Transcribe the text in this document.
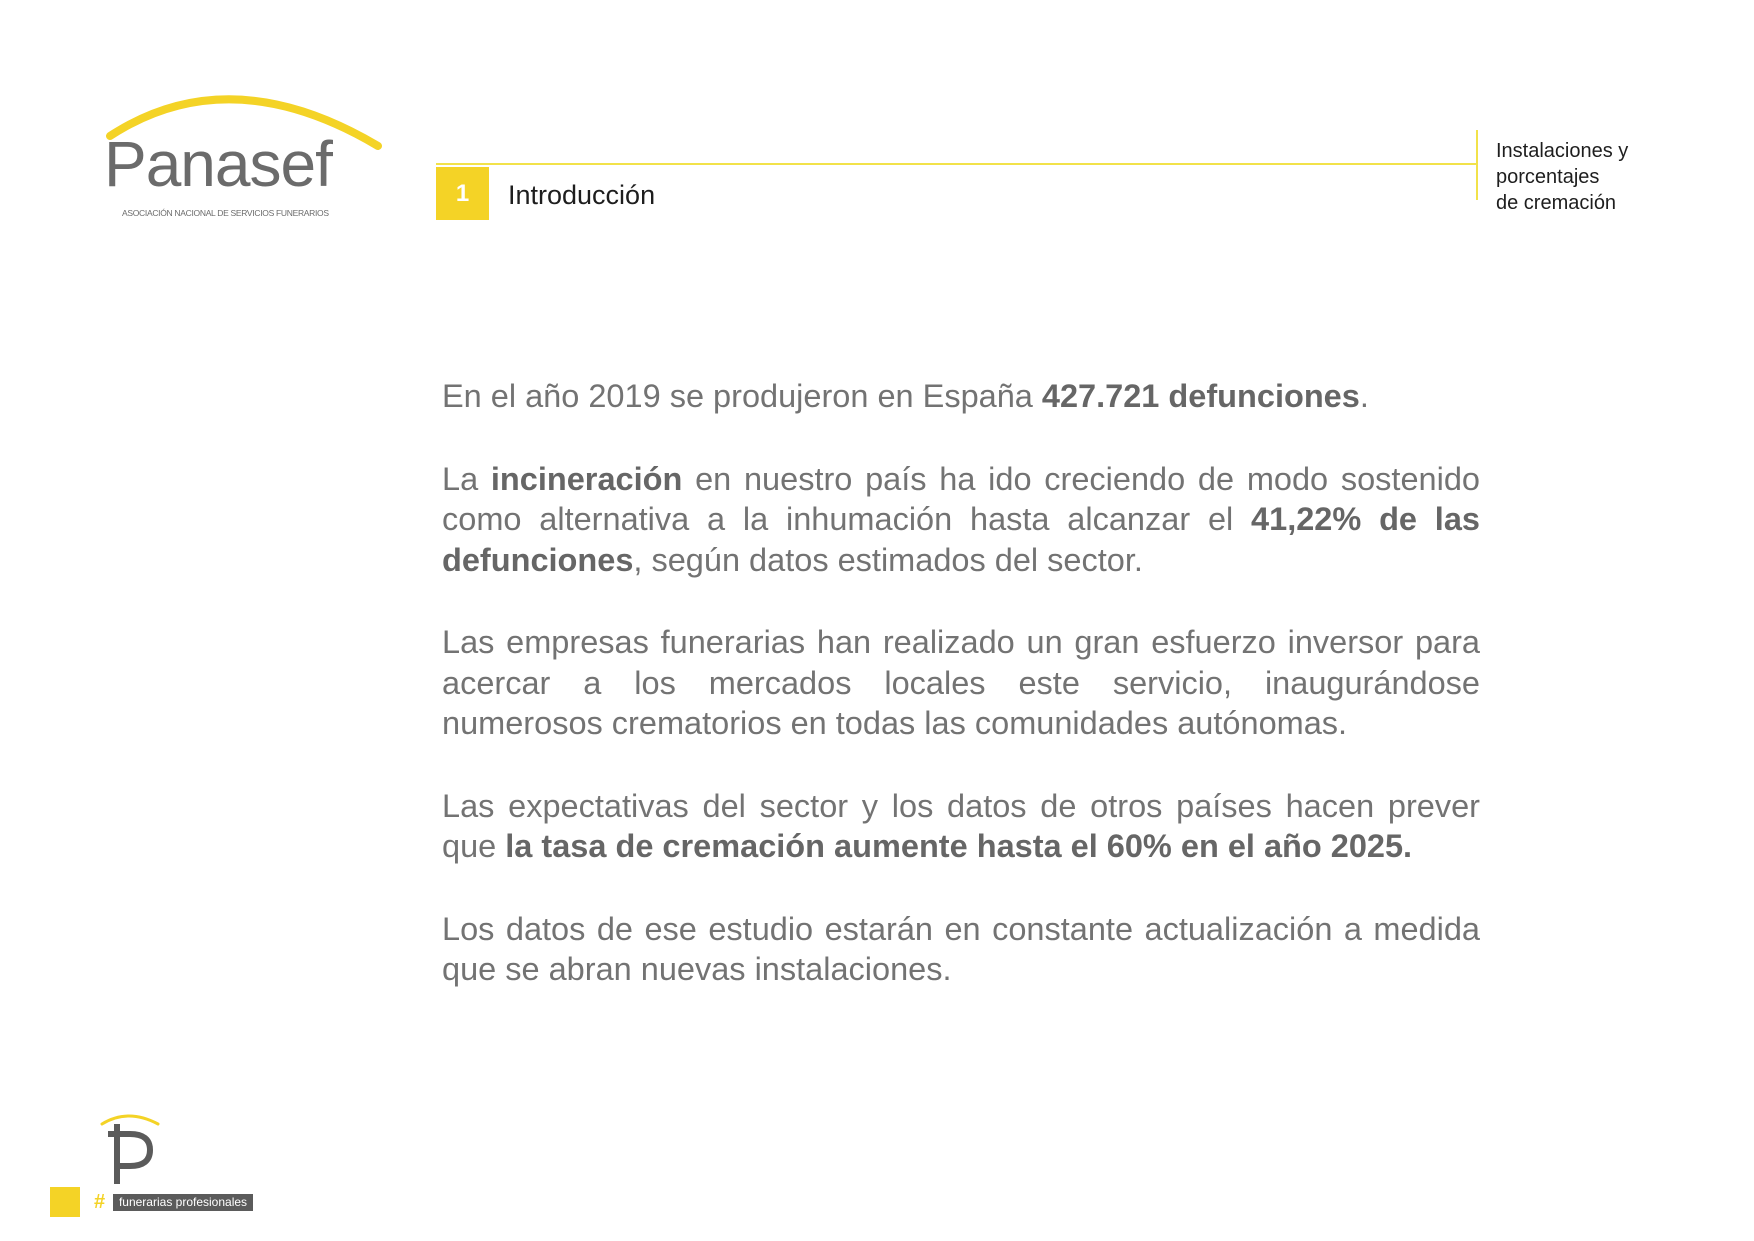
Panasef
ASOCIACIÓN NACIONAL DE SERVICIOS FUNERARIOS
1	Introducción
Instalaciones y
porcentajes
de cremación

En el año 2019 se produjeron en España 427.721 defunciones.

La incineración en nuestro país ha ido creciendo de modo sostenido como alternativa a la inhumación hasta alcanzar el 41,22% de las defunciones, según datos estimados del sector.

Las empresas funerarias han realizado un gran esfuerzo inversor para acercar a los mercados locales este servicio, inaugurándose numerosos crematorios en todas las comunidades autónomas.

Las expectativas del sector y los datos de otros países hacen prever que la tasa de cremación aumente hasta el 60% en el año 2025.

Los datos de ese estudio estarán en constante actualización a medida que se abran nuevas instalaciones.

#	funerarias profesionales
